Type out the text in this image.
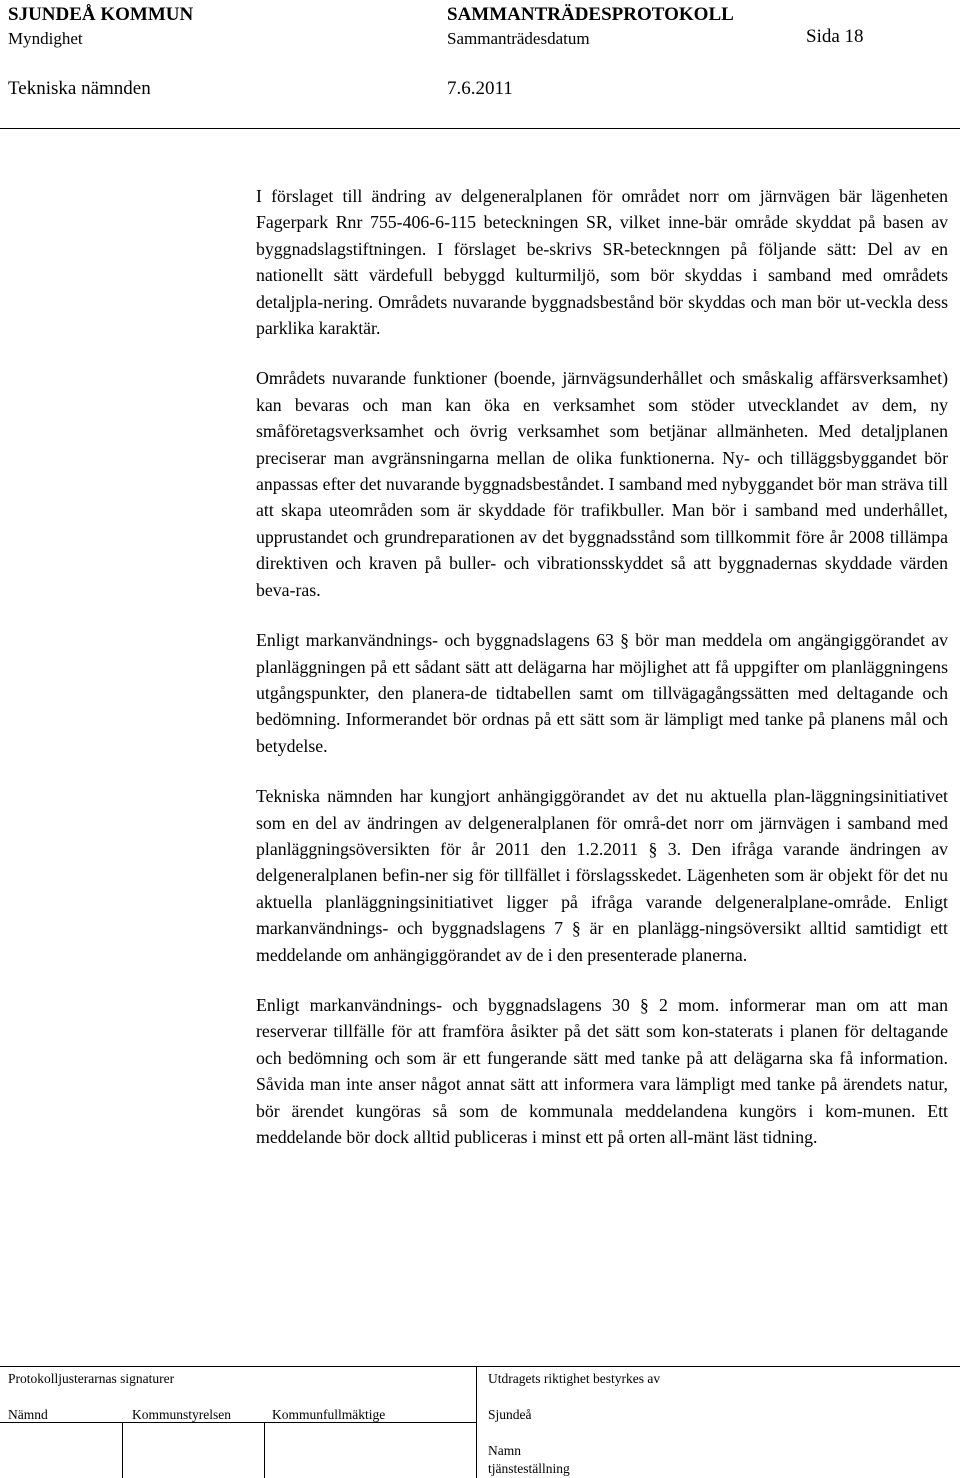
SJUNDEÅ KOMMUN	SAMMANTRÄDESPROTOKOLL
Myndighet	Sammanträdesdatum	Sida 18
Tekniska nämnden	7.6.2011

I förslaget till ändring av delgeneralplanen för området norr om järnvägen bär lägenheten Fagerpark Rnr 755-406-6-115 beteckningen SR, vilket inne-bär område skyddat på basen av byggnadslagstiftningen. I förslaget be-skrivs SR-betecknngen på följande sätt: Del av en nationellt sätt värdefull bebyggd kulturmiljö, som bör skyddas i samband med områdets detaljpla-nering. Områdets nuvarande byggnadsbestånd bör skyddas och man bör ut-veckla dess parklika karaktär.

Områdets nuvarande funktioner (boende, järnvägsunderhållet och småskalig affärsverksamhet) kan bevaras och man kan öka en verksamhet som stöder utvecklandet av dem, ny småföretagsverksamhet och övrig verksamhet som betjänar allmänheten. Med detaljplanen preciserar man avgränsningarna mellan de olika funktionerna. Ny- och tilläggsbyggandet bör anpassas efter det nuvarande byggnadsbeståndet. I samband med nybyggandet bör man sträva till att skapa uteområden som är skyddade för trafikbuller. Man bör i samband med underhållet, upprustandet och grundreparationen av det byggnadsstånd som tillkommit före år 2008 tillämpa direktiven och kraven på buller- och vibrationsskyddet så att byggnadernas skyddade värden beva-ras.

Enligt markanvändnings- och byggnadslagens 63 § bör man meddela om angängiggörandet av planläggningen på ett sådant sätt att delägarna har möjlighet att få uppgifter om planläggningens utgångspunkter, den planera-de tidtabellen samt om tillvägagångssätten med deltagande och bedömning. Informerandet bör ordnas på ett sätt som är lämpligt med tanke på planens mål och betydelse.

Tekniska nämnden har kungjort anhängiggörandet av det nu aktuella plan-läggningsinitiativet som en del av ändringen av delgeneralplanen för områ-det norr om järnvägen i samband med planläggningsöversikten för år 2011 den 1.2.2011 § 3. Den ifråga varande ändringen av delgeneralplanen befin-ner sig för tillfället i förslagsskedet. Lägenheten som är objekt för det nu aktuella planläggningsinitiativet ligger på ifråga varande delgeneralplane-område. Enligt markanvändnings- och byggnadslagens 7 § är en planlägg-ningsöversikt alltid samtidigt ett meddelande om anhängiggörandet av de i den presenterade planerna.

Enligt markanvändnings- och byggnadslagens 30 § 2 mom. informerar man om att man reserverar tillfälle för att framföra åsikter på det sätt som kon-staterats i planen för deltagande och bedömning och som är ett fungerande sätt med tanke på att delägarna ska få information. Såvida man inte anser något annat sätt att informera vara lämpligt med tanke på ärendets natur, bör ärendet kungöras så som de kommunala meddelandena kungörs i kom-munen. Ett meddelande bör dock alltid publiceras i minst ett på orten all-mänt läst tidning.

Protokolljusterarnas signaturer	Utdragets riktighet bestyrkes av
Nämnd	Kommunstyrelsen	Kommunfullmäktige	Sjundeå
Namn
tjänsteställning
